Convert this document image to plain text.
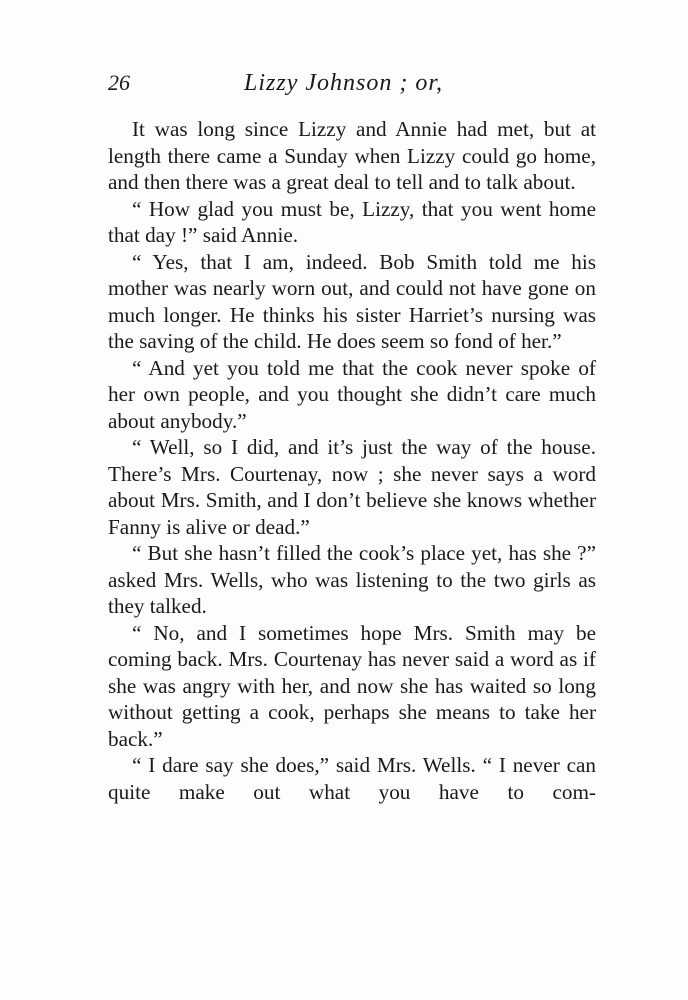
26	Lizzy Johnson ; or,

It was long since Lizzy and Annie had met, but at length there came a Sunday when Lizzy could go home, and then there was a great deal to tell and to talk about.

“ How glad you must be, Lizzy, that you went home that day !” said Annie.

“ Yes, that I am, indeed. Bob Smith told me his mother was nearly worn out, and could not have gone on much longer. He thinks his sister Harriet’s nursing was the saving of the child. He does seem so fond of her.”

“ And yet you told me that the cook never spoke of her own people, and you thought she didn’t care much about anybody.”

“ Well, so I did, and it’s just the way of the house. There’s Mrs. Courtenay, now ; she never says a word about Mrs. Smith, and I don’t believe she knows whether Fanny is alive or dead.”

“ But she hasn’t filled the cook’s place yet, has she ?” asked Mrs. Wells, who was listening to the two girls as they talked.

“ No, and I sometimes hope Mrs. Smith may be coming back. Mrs. Courtenay has never said a word as if she was angry with her, and now she has waited so long without getting a cook, perhaps she means to take her back.”

“ I dare say she does,” said Mrs. Wells. “ I never can quite make out what you have to com-
